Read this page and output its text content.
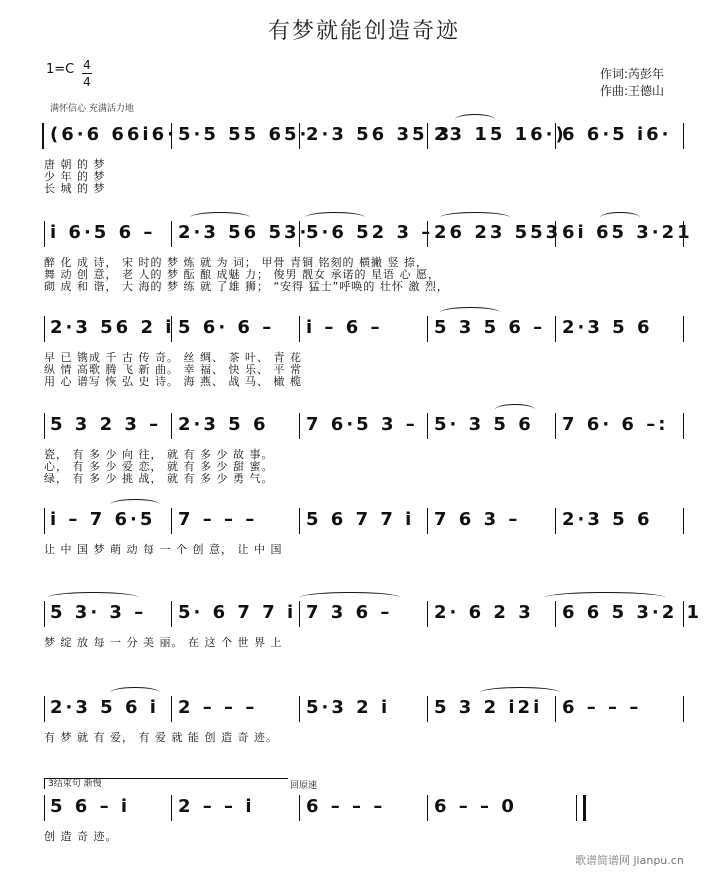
有梦就能创造奇迹
1=C 4
4
作词:芮彭年
作曲:王德山
满怀信心 充满活力地
(6·6 66i6· 5·5 55 65·
2·3 56 35 3
23 15 16·)
6 6·5 i6·
唐 朝 的 梦
少 年 的 梦
长 城 的 梦
i 6·5 6 – 2·3 56 53·
5·6 52 3 – 26 23 553 6i 65 3·21
醉 化 成 诗， 宋 时的 梦 炼 就 为 词； 甲骨 青铜 铭刻的 横撇 竖 捺，
舞 动 创 意， 老 人的 梦 酝 酿 成魅 力； 俊男 靓女 承诺的 星语 心 愿，
砌 成 和 谐， 大 海的 梦 练 就 了雄 狮； “安得 猛士”呼唤的 壮怀 激 烈，
2·3 56 2 i 5 6· 6 – i – 6 –	5 3 5 6 – 2·3 5 6
早 已 镌成 千 古 传 奇。 丝 绸、 茶 叶、 青 花
纵 情 高歌 腾 飞 新 曲。 幸 福、 快 乐、 平 常
用 心 谱写 恢 弘 史 诗。 海 燕、 战 马、 橄 榄
5 3 2 3 – 2·3 5 6 7 6·5 3 – 5· 3 5 6 7 6· 6 –:
瓷， 有 多 少 向 往， 就 有 多 少 故 事。
心， 有 多 少 爱 恋， 就 有 多 少 甜 蜜。
绿， 有 多 少 挑 战， 就 有 多 少 勇 气。
i – 7 6·5 7 – – –	5 6 7 7 i 7 6 3 – 2·3 5 6
让 中 国 梦 萌 动 每 一 个 创 意， 让 中 国
5 3· 3 – 5· 6 7 7 i 7 3 6 – 2· 6 2 3 6 6 5 3·2 1
梦 绽 放 每 一 分 美 丽。 在 这 个 世 界 上
2·3 5 6 i 2 – – –	5·3 2 i 5 3 2 i2i 6 – – –
有 梦 就 有 爱， 有 爱 就 能 创 造 奇 迹。
5 6 – i	2 – – i	6 – – –	6 – – 0
创 造 奇 迹。
3结束句 渐慢	回原速
歌谱简谱网 jianpu.cn
